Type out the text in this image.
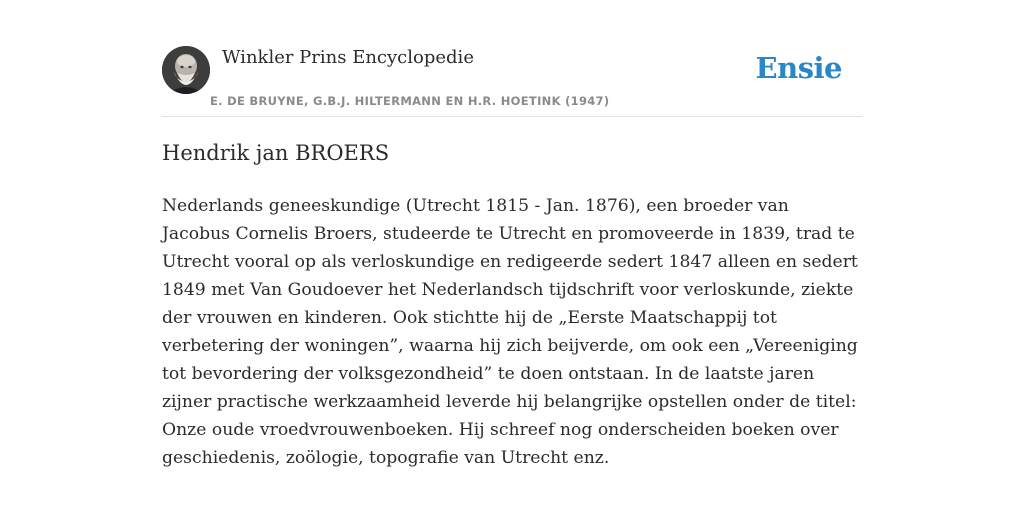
Winkler Prins Encyclopedie
E. DE BRUYNE, G.B.J. HILTERMANN EN H.R. HOETINK (1947)
Ensie
Hendrik jan BROERS

Nederlands geneeskundige (Utrecht 1815 - Jan. 1876), een broeder van Jacobus Cornelis Broers, studeerde te Utrecht en promoveerde in 1839, trad te Utrecht vooral op als verloskundige en redigeerde sedert 1847 alleen en sedert 1849 met Van Goudoever het Nederlandsch tijdschrift voor verloskunde, ziekte der vrouwen en kinderen. Ook stichtte hij de „Eerste Maatschappij tot verbetering der woningen”, waarna hij zich beijverde, om ook een „Vereeniging tot bevordering der volksgezondheid” te doen ontstaan. In de laatste jaren zijner practische werkzaamheid leverde hij belangrijke opstellen onder de titel: Onze oude vroedvrouwenboeken. Hij schreef nog onderscheiden boeken over geschiedenis, zoölogie, topografie van Utrecht enz.
